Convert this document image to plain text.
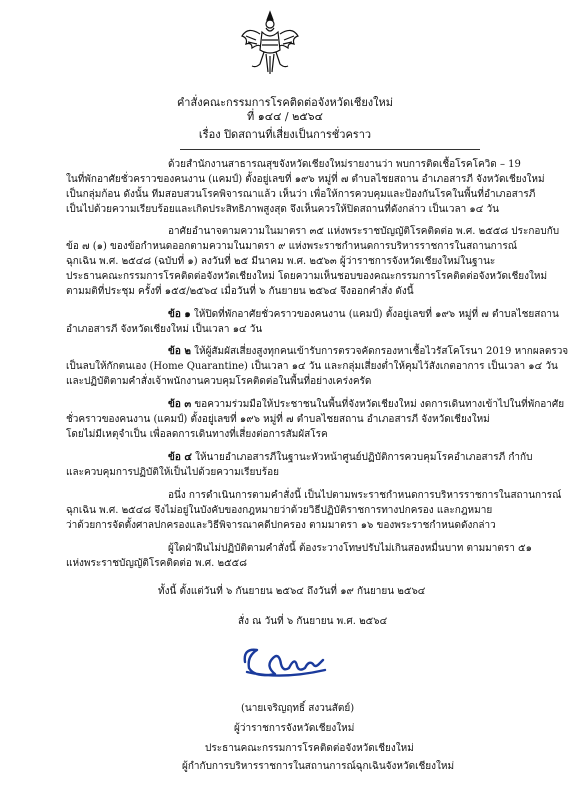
คำสั่งคณะกรรมการโรคติดต่อจังหวัดเชียงใหม่
ที่ ๑๔๔ / ๒๕๖๔
เรื่อง ปิดสถานที่เสี่ยงเป็นการชั่วคราว
ด้วยสำนักงานสาธารณสุขจังหวัดเชียงใหม่รายงานว่า พบการติดเชื้อโรคโควิด – 19
ในที่พักอาศัยชั่วคราวของคนงาน (แคมป์) ตั้งอยู่เลขที่ ๑๙๖ หมู่ที่ ๗ ตำบลไชยสถาน อำเภอสารภี จังหวัดเชียงใหม่
เป็นกลุ่มก้อน ดังนั้น ทีมสอบสวนโรคพิจารณาแล้ว เห็นว่า เพื่อให้การควบคุมและป้องกันโรคในพื้นที่อำเภอสารภี
เป็นไปด้วยความเรียบร้อยและเกิดประสิทธิภาพสูงสุด จึงเห็นควรให้ปิดสถานที่ดังกล่าว เป็นเวลา ๑๔ วัน
อาศัยอำนาจตามความในมาตรา ๓๕ แห่งพระราชบัญญัติโรคติดต่อ พ.ศ. ๒๕๕๘ ประกอบกับ
ข้อ ๗ (๑) ของข้อกำหนดออกตามความในมาตรา ๙ แห่งพระราชกำหนดการบริหารราชการในสถานการณ์
ฉุกเฉิน พ.ศ. ๒๕๔๘ (ฉบับที่ ๑) ลงวันที่ ๒๕ มีนาคม พ.ศ. ๒๕๖๓ ผู้ว่าราชการจังหวัดเชียงใหม่ในฐานะ
ประธานคณะกรรมการโรคติดต่อจังหวัดเชียงใหม่ โดยความเห็นชอบของคณะกรรมการโรคติดต่อจังหวัดเชียงใหม่
ตามมติที่ประชุม ครั้งที่ ๑๕๕/๒๕๖๔ เมื่อวันที่ ๖ กันยายน ๒๕๖๔ จึงออกคำสั่ง ดังนี้
ข้อ ๑ ให้ปิดที่พักอาศัยชั่วคราวของคนงาน (แคมป์) ตั้งอยู่เลขที่ ๑๙๖ หมู่ที่ ๗ ตำบลไชยสถาน
อำเภอสารภี จังหวัดเชียงใหม่ เป็นเวลา ๑๔ วัน
ข้อ ๒ ให้ผู้สัมผัสเสี่ยงสูงทุกคนเข้ารับการตรวจคัดกรองหาเชื้อไวรัสโคโรนา 2019 หากผลตรวจ
เป็นลบให้กักตนเอง (Home Quarantine) เป็นเวลา ๑๔ วัน และกลุ่มเสี่ยงต่ำให้คุมไว้สังเกตอาการ เป็นเวลา ๑๔ วัน
และปฏิบัติตามคำสั่งเจ้าพนักงานควบคุมโรคติดต่อในพื้นที่อย่างเคร่งครัด
ข้อ ๓ ขอความร่วมมือให้ประชาชนในพื้นที่จังหวัดเชียงใหม่ งดการเดินทางเข้าไปในที่พักอาศัย
ชั่วคราวของคนงาน (แคมป์) ตั้งอยู่เลขที่ ๑๙๖ หมู่ที่ ๗ ตำบลไชยสถาน อำเภอสารภี จังหวัดเชียงใหม่
โดยไม่มีเหตุจำเป็น เพื่อลดการเดินทางที่เสี่ยงต่อการสัมผัสโรค
ข้อ ๔ ให้นายอำเภอสารภีในฐานะหัวหน้าศูนย์ปฏิบัติการควบคุมโรคอำเภอสารภี กำกับ
และควบคุมการปฏิบัติให้เป็นไปด้วยความเรียบร้อย
อนึ่ง การดำเนินการตามคำสั่งนี้ เป็นไปตามพระราชกำหนดการบริหารราชการในสถานการณ์
ฉุกเฉิน พ.ศ. ๒๕๔๘ จึงไม่อยู่ในบังคับของกฎหมายว่าด้วยวิธีปฏิบัติราชการทางปกครอง และกฎหมาย
ว่าด้วยการจัดตั้งศาลปกครองและวิธีพิจารณาคดีปกครอง ตามมาตรา ๑๖ ของพระราชกำหนดดังกล่าว
ผู้ใดฝ่าฝืนไม่ปฏิบัติตามคำสั่งนี้ ต้องระวางโทษปรับไม่เกินสองหมื่นบาท ตามมาตรา ๕๑
แห่งพระราชบัญญัติโรคติดต่อ พ.ศ. ๒๕๕๘
ทั้งนี้ ตั้งแต่วันที่ ๖ กันยายน ๒๕๖๔ ถึงวันที่ ๑๙ กันยายน ๒๕๖๔
สั่ง ณ วันที่ ๖ กันยายน พ.ศ. ๒๕๖๔
(นายเจริญฤทธิ์ สงวนสัตย์)
ผู้ว่าราชการจังหวัดเชียงใหม่
ประธานคณะกรรมการโรคติดต่อจังหวัดเชียงใหม่
ผู้กำกับการบริหารราชการในสถานการณ์ฉุกเฉินจังหวัดเชียงใหม่
